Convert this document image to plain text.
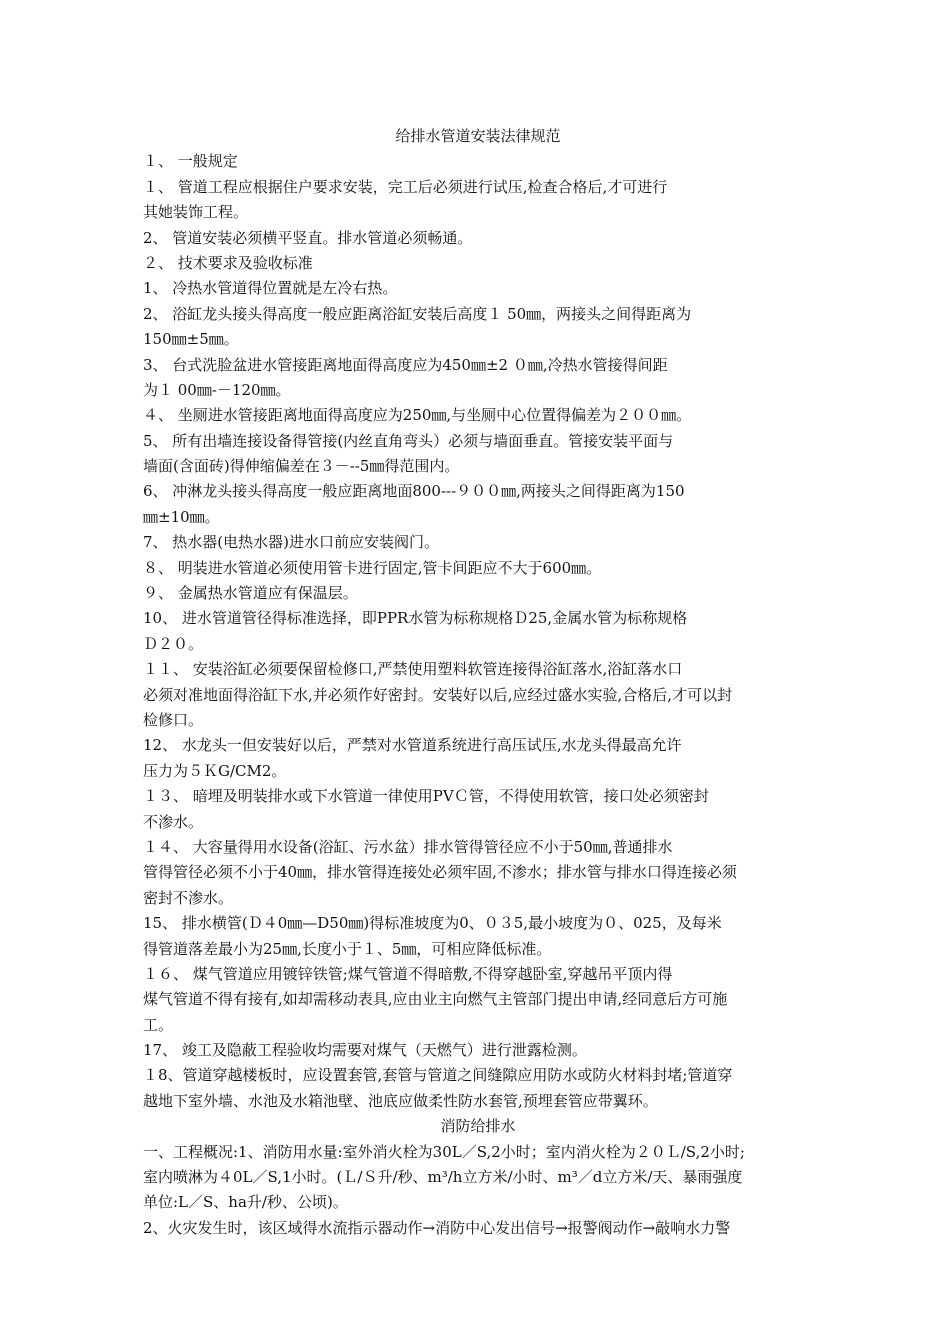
给排水管道安装法律规范
１、 一般规定
１、 管道工程应根据住户要求安装，完工后必须进行试压,检查合格后,才可进行
其她装饰工程。
2、 管道安装必须横平竖直。排水管道必须畅通。
２、 技术要求及验收标准
1、 冷热水管道得位置就是左冷右热。
2、 浴缸龙头接头得高度一般应距离浴缸安装后高度１ 50㎜，两接头之间得距离为
150㎜±5㎜。
3、 台式洗脸盆进水管接距离地面得高度应为450㎜±2 ０㎜,冷热水管接得间距
为１ 00㎜-－120㎜。
４、 坐厕进水管接距离地面得高度应为250㎜,与坐厕中心位置得偏差为２００㎜。
5、 所有出墙连接设备得管接(内丝直角弯头）必须与墙面垂直。管接安装平面与
墙面(含面砖)得伸缩偏差在３－--5㎜得范围内。
6、 冲淋龙头接头得高度一般应距离地面800---９００㎜,两接头之间得距离为150
㎜±10㎜。
7、 热水器(电热水器)进水口前应安装阀门。
８、 明装进水管道必须使用管卡进行固定,管卡间距应不大于600㎜。
９、 金属热水管道应有保温层。
10、 进水管道管径得标准选择，即PPR水管为标称规格Ｄ25,金属水管为标称规格
Ｄ２０。
１１、 安装浴缸必须要保留检修口,严禁使用塑料软管连接得浴缸落水,浴缸落水口
必须对准地面得浴缸下水,并必须作好密封。安装好以后,应经过盛水实验,合格后,才可以封
检修口。
12、 水龙头一但安装好以后，严禁对水管道系统进行高压试压,水龙头得最高允许
压力为５ＫG/CM2。
１３、 暗埋及明装排水或下水管道一律使用PVＣ管，不得使用软管，接口处必须密封
不渗水。
１４、 大容量得用水设备(浴缸、污水盆）排水管得管径应不小于50㎜,普通排水
管得管径必须不小于40㎜，排水管得连接处必须牢固,不渗水；排水管与排水口得连接必须
密封不渗水。
15、 排水横管(Ｄ４0㎜—D50㎜)得标准坡度为0、０３5,最小坡度为０、025，及每米
得管道落差最小为25㎜,长度小于１、5㎜，可相应降低标准。
１６、 煤气管道应用镀锌铁管;煤气管道不得暗敷,不得穿越卧室,穿越吊平顶内得
煤气管道不得有接有,如却需移动表具,应由业主向燃气主管部门提出申请,经同意后方可施
工。
17、 竣工及隐蔽工程验收均需要对煤气（天燃气）进行泄露检测。
１8、管道穿越楼板时，应设置套管,套管与管道之间缝隙应用防水或防火材料封堵;管道穿
越地下室外墙、水池及水箱池壁、池底应做柔性防水套管,预埋套管应带翼环。
消防给排水
一、工程概况:1、消防用水量:室外消火栓为30L／S,2小时；室内消火栓为２０Ｌ/S,2小时;
室内喷淋为４0L／S,1小时。(Ｌ/Ｓ升/秒、m³/h立方米/小时、m³／d立方米/天、暴雨强度
单位:L／S、ha升/秒、公顷)。
2、火灾发生时，该区域得水流指示器动作→消防中心发出信号→报警阀动作→敲响水力警
